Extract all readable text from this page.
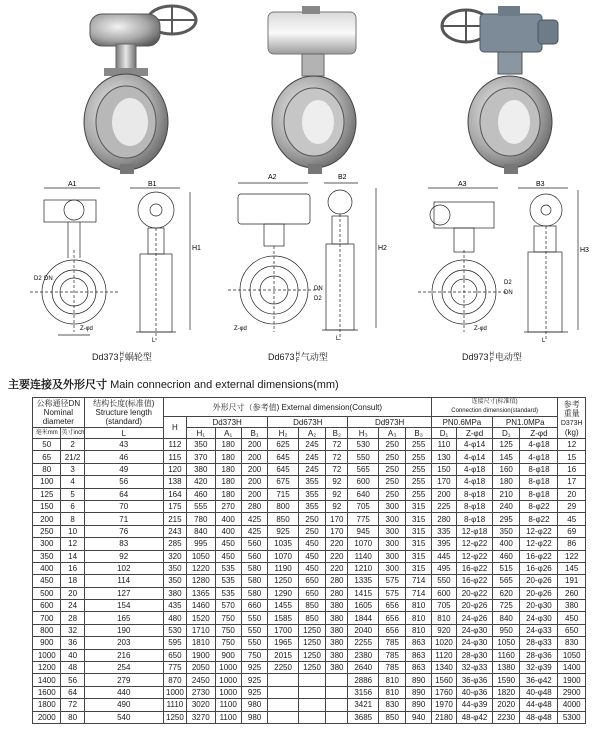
A1	B1
H1
D2 DN
L
Z-φd
A2	B2
H2
D2
DN
L
Z-φd
A3	B3
H3
D2
DN
L
Z-φd
Dd373H
F蜗轮型	Dd673H
F气动型	Dd973H
F电动型
主要连接及外形尺寸 Main connecrion and external dimensions(mm)
公称通径DN
Nominal
diameter		结构长度(标准值)
Structure length
(standard)	外形尺寸（参考值) External dimension(Consult)										连接尺寸(标准值)
Connection dimension(standard)				参考
重量
D373H
(kg)
			H	Dd373H			Dd673H			Dd973H			PN0.6MPa		PN1.0MPa		
毫米mm	英寸inch	L		H₁	A₁	B₁	H₂	A₂	B₂	H₃	A₃	B₃	D₁	Z-φd	D₁	Z-φd	
50	2	43	112	350	180	200	625	245	72	530	250	255	110	4-φ14	125	4-φ18	12
65	21/2	46	115	370	180	200	645	245	72	550	250	255	130	4-φ14	145	4-φ18	15
80	3	49	120	380	180	200	645	245	72	565	250	255	150	4-φ18	160	8-φ18	16
100	4	56	138	420	180	200	675	355	92	600	250	255	170	4-φ18	180	8-φ18	17
125	5	64	164	460	180	200	715	355	92	640	250	255	200	8-φ18	210	8-φ18	20
150	6	70	175	555	270	280	800	355	92	705	300	315	225	8-φ18	240	8-φ22	29
200	8	71	215	780	400	425	850	250	170	775	300	315	280	8-φ18	295	8-φ22	45
250	10	76	243	840	400	425	925	250	170	945	300	315	335	12-φ18	350	12-φ22	69
300	12	83	285	995	450	560	1035	450	220	1070	300	315	395	12-φ22	400	12-φ22	86
350	14	92	320	1050	450	560	1070	450	220	1140	300	315	445	12-φ22	460	16-φ22	122
400	16	102	350	1220	535	580	1190	450	220	1210	300	315	495	16-φ22	515	16-φ26	145
450	18	114	350	1280	535	580	1250	650	280	1335	575	714	550	16-φ22	565	20-φ26	191
500	20	127	380	1365	535	580	1290	650	280	1415	575	714	600	20-φ22	620	20-φ26	260
600	24	154	435	1460	570	660	1455	850	380	1605	656	810	705	20-φ26	725	20-φ30	380
700	28	165	480	1520	750	550	1585	850	380	1844	656	810	810	24-φ26	840	24-φ30	450
800	32	190	530	1710	750	550	1700	1250	380	2040	656	810	920	24-φ30	950	24-φ33	650
900	36	203	595	1810	750	550	1965	1250	380	2255	785	863	1020	24-φ30	1050	28-φ33	830
1000	40	216	650	1900	900	750	2015	1250	380	2380	785	863	1120	28-φ30	1160	28-φ36	1050
1200	48	254	775	2050	1000	925	2250	1250	380	2640	785	863	1340	32-φ33	1380	32-φ39	1400
1400	56	279	870	2450	1000	925				2886	810	890	1560	36-φ36	1590	36-φ42	1900
1600	64	440	1000	2730	1000	925				3156	810	890	1760	40-φ36	1820	40-φ48	2900
1800	72	490	1110	3020	1100	980				3421	830	890	1970	44-φ39	2020	44-φ48	4000
2000	80	540	1250	3270	1100	980				3685	850	940	2180	48-φ42	2230	48-φ48	5300
